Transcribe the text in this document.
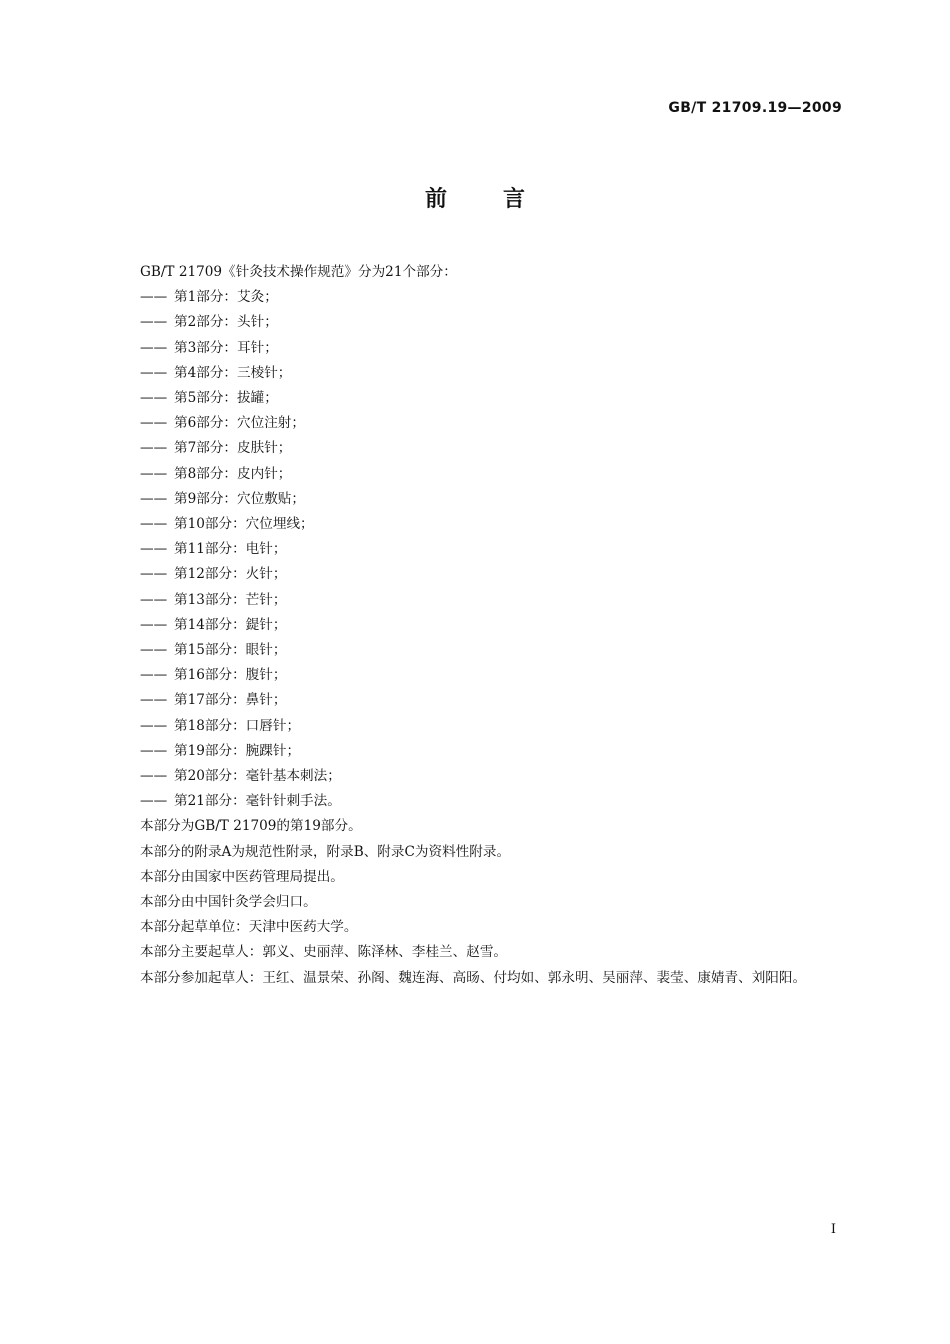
GB/T 21709.19—2009
前	言

GB/T 21709《针灸技术操作规范》分为21个部分：

—— 第1部分：艾灸；

—— 第2部分：头针；

—— 第3部分：耳针；

—— 第4部分：三棱针；

—— 第5部分：拔罐；

—— 第6部分：穴位注射；

—— 第7部分：皮肤针；

—— 第8部分：皮内针；

—— 第9部分：穴位敷贴；

—— 第10部分：穴位埋线；

—— 第11部分：电针；

—— 第12部分：火针；

—— 第13部分：芒针；

—— 第14部分：鍉针；

—— 第15部分：眼针；

—— 第16部分：腹针；

—— 第17部分：鼻针；

—— 第18部分：口唇针；

—— 第19部分：腕踝针；

—— 第20部分：毫针基本刺法；

—— 第21部分：毫针针刺手法。

本部分为GB/T 21709的第19部分。

本部分的附录A为规范性附录，附录B、附录C为资料性附录。

本部分由国家中医药管理局提出。

本部分由中国针灸学会归口。

本部分起草单位：天津中医药大学。

本部分主要起草人：郭义、史丽萍、陈泽林、李桂兰、赵雪。

本部分参加起草人：王红、温景荣、孙阁、魏连海、高旸、付均如、郭永明、吴丽萍、裴莹、康婧青、刘阳阳。

I
